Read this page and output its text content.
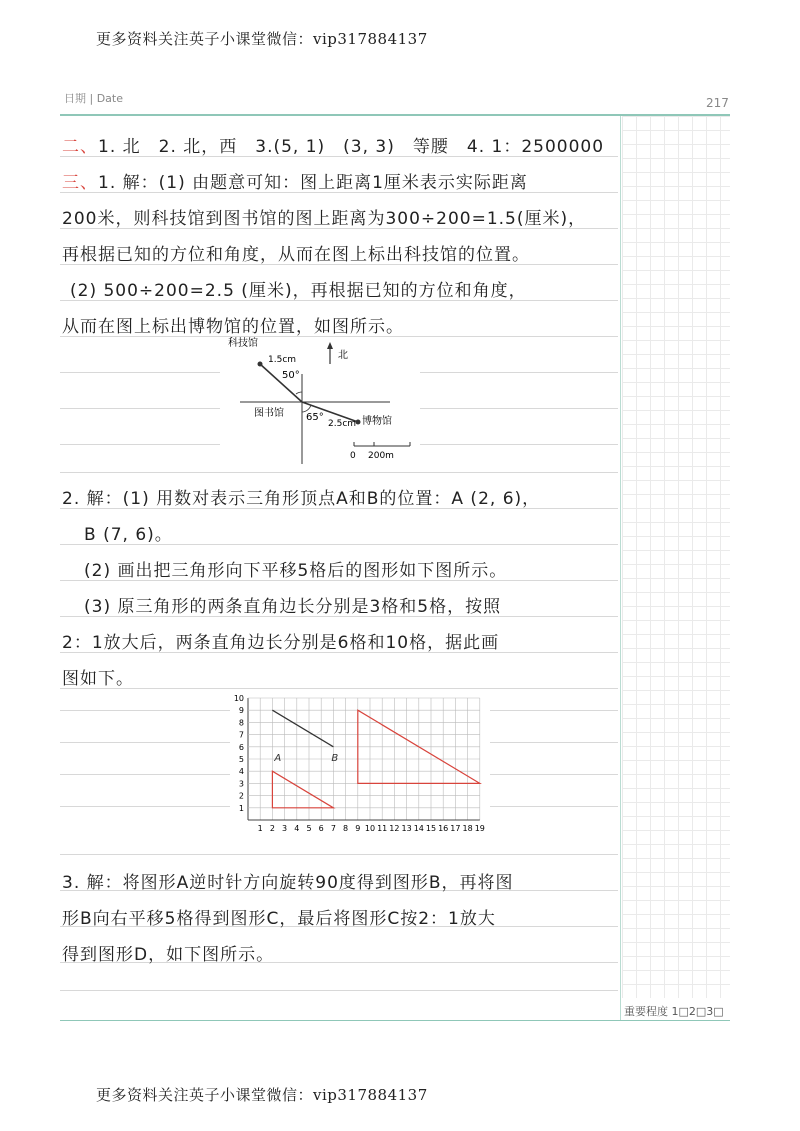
更多资料关注英子小课堂微信：vip317884137
日期 | Date	217
重要程度 1□2□3□
二、1. 北　2. 北，西　3.(5, 1)　(3, 3)　等腰　4. 1：2500000
三、1. 解：(1) 由题意可知：图上距离1厘米表示实际距离
200米，则科技馆到图书馆的图上距离为300÷200=1.5(厘米)，
再根据已知的方位和角度，从而在图上标出科技馆的位置。
(2) 500÷200=2.5 (厘米)，再根据已知的方位和角度，
从而在图上标出博物馆的位置，如图所示。
科技馆
北
1.5cm
50°
图书馆 65°
2.5cm 博物馆
0 200m
2. 解：(1) 用数对表示三角形顶点A和B的位置：A (2, 6)，
B (7, 6)。
(2) 画出把三角形向下平移5格后的图形如下图所示。
(3) 原三角形的两条直角边长分别是3格和5格，按照
2：1放大后，两条直角边长分别是6格和10格，据此画
图如下。
10
9
8
7
6
5
4
3
2
1
1 2 3 4 5 6 7 8 9 10 11 12 13 14 15 16 17 18 19
A	B
3. 解：将图形A逆时针方向旋转90度得到图形B，再将图
形B向右平移5格得到图形C，最后将图形C按2：1放大
得到图形D，如下图所示。
更多资料关注英子小课堂微信：vip317884137
